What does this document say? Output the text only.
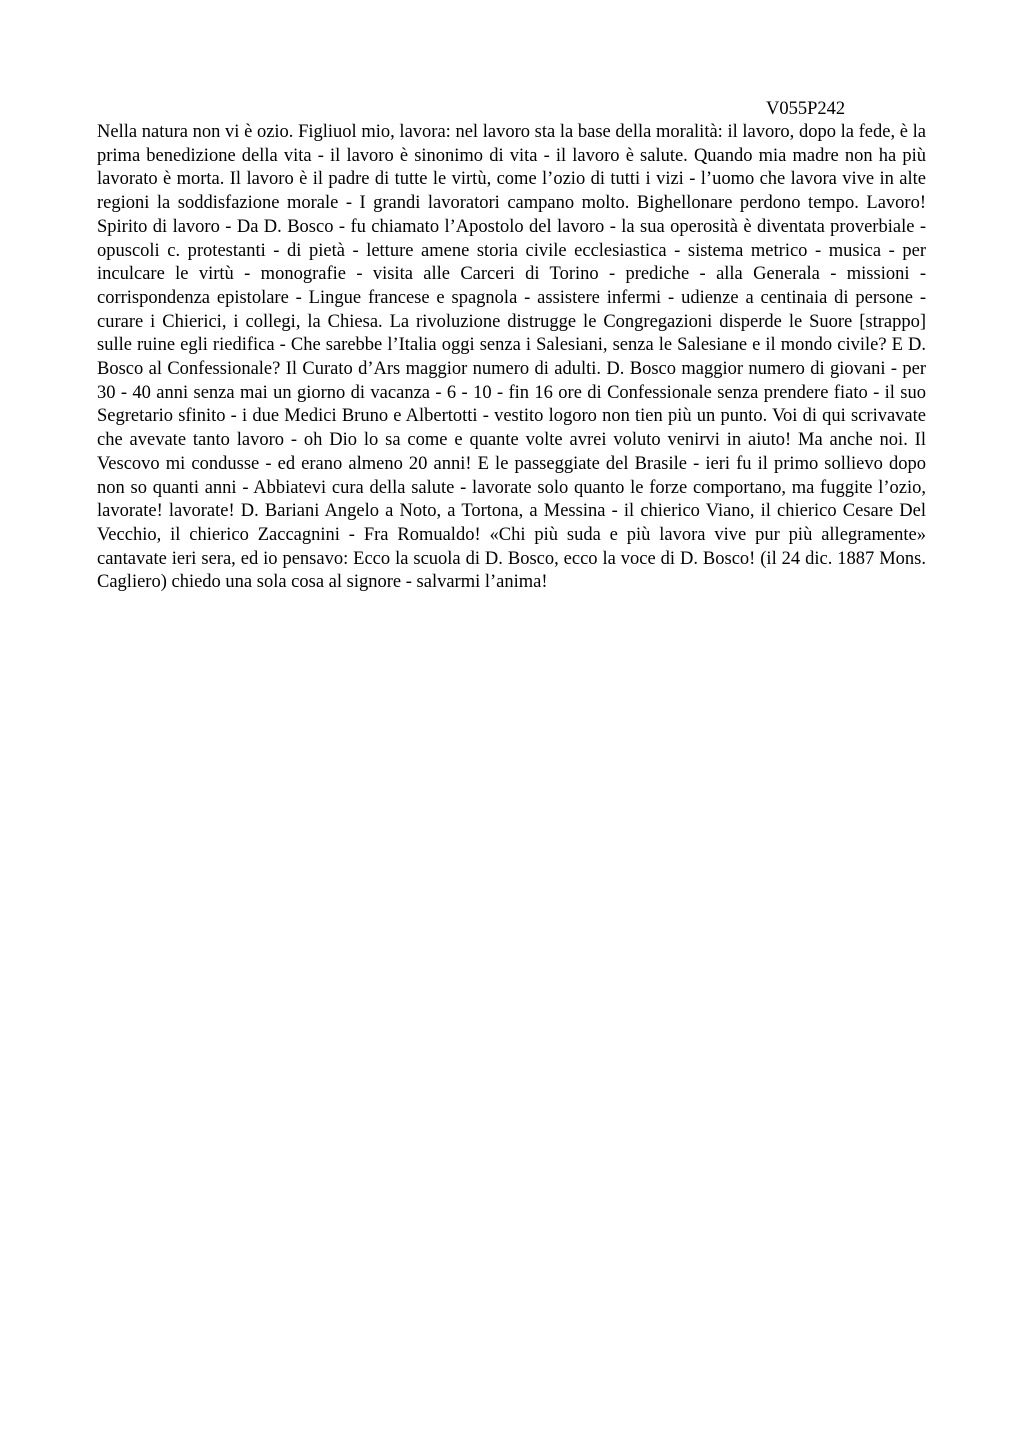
V055P242

Nella natura non vi è ozio. Figliuol mio, lavora: nel lavoro sta la base della moralità: il lavoro, dopo la fede, è la prima benedizione della vita - il lavoro è sinonimo di vita - il lavoro è salute. Quando mia madre non ha più lavorato è morta. Il lavoro è il padre di tutte le virtù, come l’ozio di tutti i vizi - l’uomo che lavora vive in alte regioni la soddisfazione morale - I grandi lavoratori campano molto. Bighellonare perdono tempo. Lavoro! Spirito di lavoro - Da D. Bosco - fu chiamato l’Apostolo del lavoro - la sua operosità è diventata proverbiale - opuscoli c. protestanti - di pietà - letture amene storia civile ecclesiastica - sistema metrico - musica - per inculcare le virtù - monografie - visita alle Carceri di Torino - prediche - alla Generala - missioni - corrispondenza epistolare - Lingue francese e spagnola - assistere infermi - udienze a centinaia di persone - curare i Chierici, i collegi, la Chiesa. La rivoluzione distrugge le Congregazioni disperde le Suore [strappo] sulle ruine egli riedifica - Che sarebbe l’Italia oggi senza i Salesiani, senza le Salesiane e il mondo civile? E D. Bosco al Confessionale? Il Curato d’Ars maggior numero di adulti. D. Bosco maggior numero di giovani - per 30 - 40 anni senza mai un giorno di vacanza - 6 - 10 - fin 16 ore di Confessionale senza prendere fiato - il suo Segretario sfinito - i due Medici Bruno e Albertotti - vestito logoro non tien più un punto. Voi di qui scrivavate che avevate tanto lavoro - oh Dio lo sa come e quante volte avrei voluto venirvi in aiuto! Ma anche noi. Il Vescovo mi condusse - ed erano almeno 20 anni! E le passeggiate del Brasile - ieri fu il primo sollievo dopo non so quanti anni - Abbiatevi cura della salute - lavorate solo quanto le forze comportano, ma fuggite l’ozio, lavorate! lavorate! D. Bariani Angelo a Noto, a Tortona, a Messina - il chierico Viano, il chierico Cesare Del Vecchio, il chierico Zaccagnini - Fra Romualdo! «Chi più suda e più lavora vive pur più allegramente» cantavate ieri sera, ed io pensavo: Ecco la scuola di D. Bosco, ecco la voce di D. Bosco! (il 24 dic. 1887 Mons. Cagliero) chiedo una sola cosa al signore - salvarmi l’anima!
